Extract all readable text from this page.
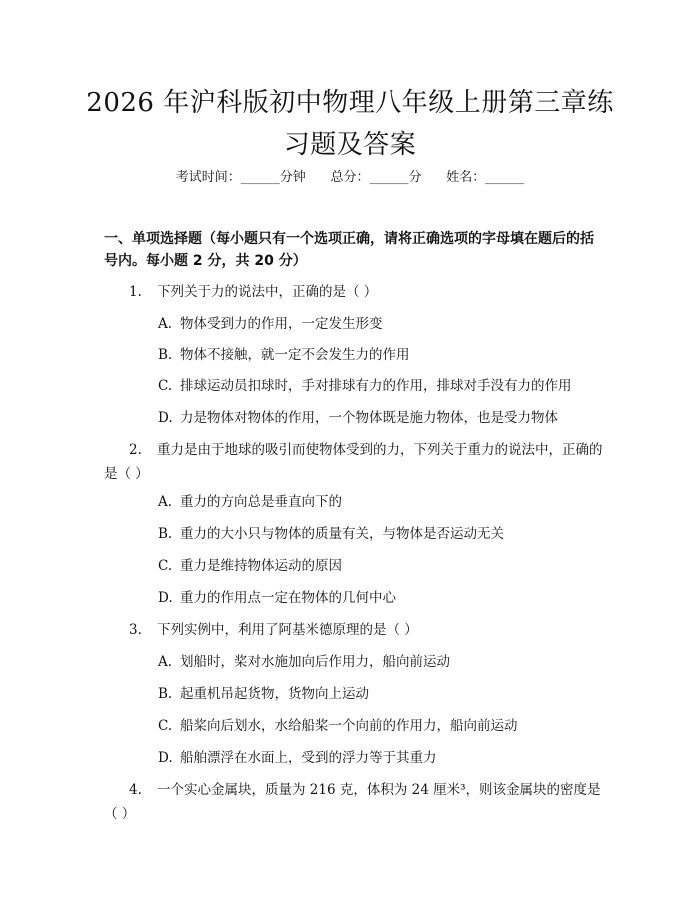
2026 年沪科版初中物理八年级上册第三章练
习题及答案
考试时间：______分钟      总分：______分      姓名：______
一、单项选择题（每小题只有一个选项正确，请将正确选项的字母填在题后的括号内。每小题 2 分，共 20 分）
1. 下列关于力的说法中，正确的是（ ）
A. 物体受到力的作用，一定发生形变
B. 物体不接触，就一定不会发生力的作用
C. 排球运动员扣球时，手对排球有力的作用，排球对手没有力的作用
D. 力是物体对物体的作用，一个物体既是施力物体，也是受力物体
2. 重力是由于地球的吸引而使物体受到的力，下列关于重力的说法中，正确的是（ ）
A. 重力的方向总是垂直向下的
B. 重力的大小只与物体的质量有关，与物体是否运动无关
C. 重力是维持物体运动的原因
D. 重力的作用点一定在物体的几何中心
3. 下列实例中，利用了阿基米德原理的是（ ）
A. 划船时，桨对水施加向后作用力，船向前运动
B. 起重机吊起货物，货物向上运动
C. 船桨向后划水，水给船桨一个向前的作用力，船向前运动
D. 船舶漂浮在水面上，受到的浮力等于其重力
4. 一个实心金属块，质量为 216 克，体积为 24 厘米³，则该金属块的密度是（ ）
